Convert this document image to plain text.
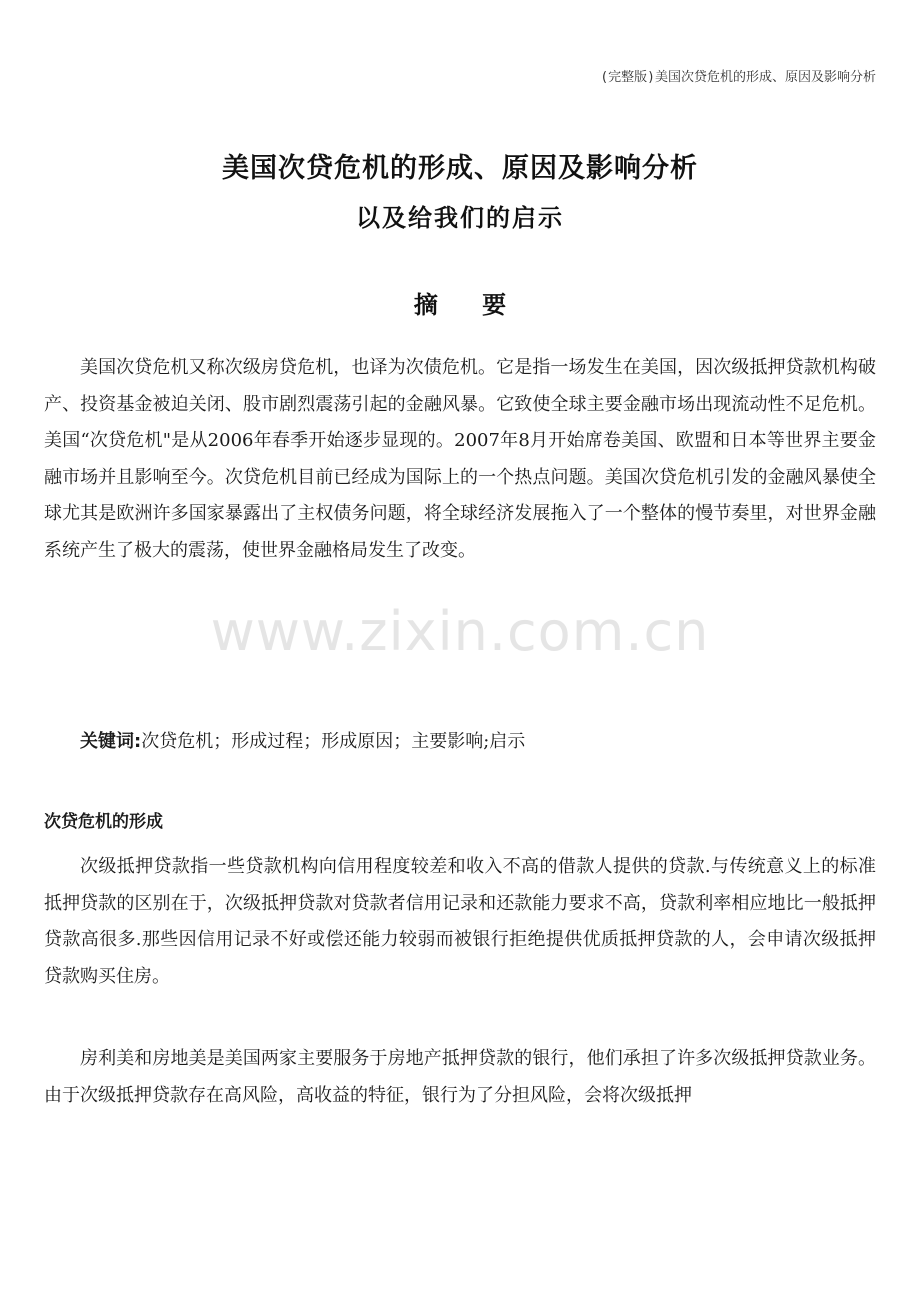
(完整版)美国次贷危机的形成、原因及影响分析
美国次贷危机的形成、原因及影响分析
以及给我们的启示
摘 要

美国次贷危机又称次级房贷危机，也译为次债危机。它是指一场发生在美国，因次级抵押贷款机构破产、投资基金被迫关闭、股市剧烈震荡引起的金融风暴。它致使全球主要金融市场出现流动性不足危机。美国“次贷危机"是从2006年春季开始逐步显现的。2007年8月开始席卷美国、欧盟和日本等世界主要金融市场并且影响至今。次贷危机目前已经成为国际上的一个热点问题。美国次贷危机引发的金融风暴使全球尤其是欧洲许多国家暴露出了主权债务问题，将全球经济发展拖入了一个整体的慢节奏里，对世界金融系统产生了极大的震荡，使世界金融格局发生了改变。

关键词:次贷危机；形成过程；形成原因；主要影响;启示
次贷危机的形成

次级抵押贷款指一些贷款机构向信用程度较差和收入不高的借款人提供的贷款.与传统意义上的标准抵押贷款的区别在于，次级抵押贷款对贷款者信用记录和还款能力要求不高，贷款利率相应地比一般抵押贷款高很多.那些因信用记录不好或偿还能力较弱而被银行拒绝提供优质抵押贷款的人，会申请次级抵押贷款购买住房。

房利美和房地美是美国两家主要服务于房地产抵押贷款的银行，他们承担了许多次级抵押贷款业务。由于次级抵押贷款存在高风险，高收益的特征，银行为了分担风险，会将次级抵押

www.zixin.com.cn
